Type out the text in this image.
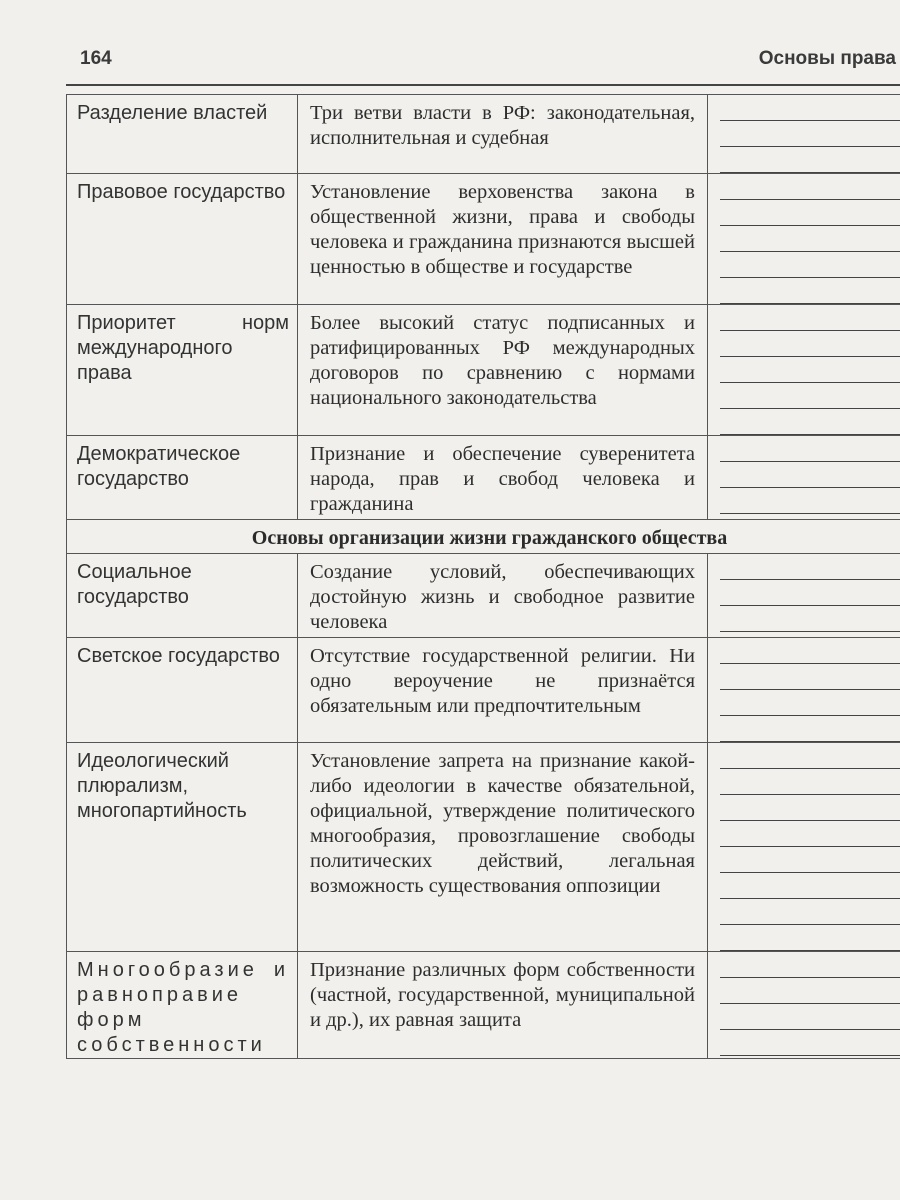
164	Основы права
Разделение властей	Три ветви власти в РФ: законодательная, исполнительная и судебная	

Правовое государство	Установление верховенства закона в общественной жизни, права и свободы человека и гражданина признаются высшей ценностью в обществе и государстве	

Приоритет норм международного права	Более высокий статус подписанных и ратифицированных РФ международных договоров по сравнению с нормами национального законодательства	

Демократическое государство	Признание и обеспечение суверенитета народа, прав и свобод человека и гражданина	

Основы организации жизни гражданского общества		

Социальное государство	Создание условий, обеспечивающих достойную жизнь и свободное развитие человека	

Светское государство	Отсутствие государственной религии. Ни одно вероучение не признаётся обязательным или предпочтительным	

Идеологический плюрализм, многопартийность	Установление запрета на признание какой-либо идеологии в качестве обязательной, официальной, утверждение политического многообразия, провозглашение свободы политических действий, легальная возможность существования оппозиции	

Многообразие и равноправие форм собственности	Признание различных форм собственности (частной, государственной, муниципальной и др.), их равная защита	
